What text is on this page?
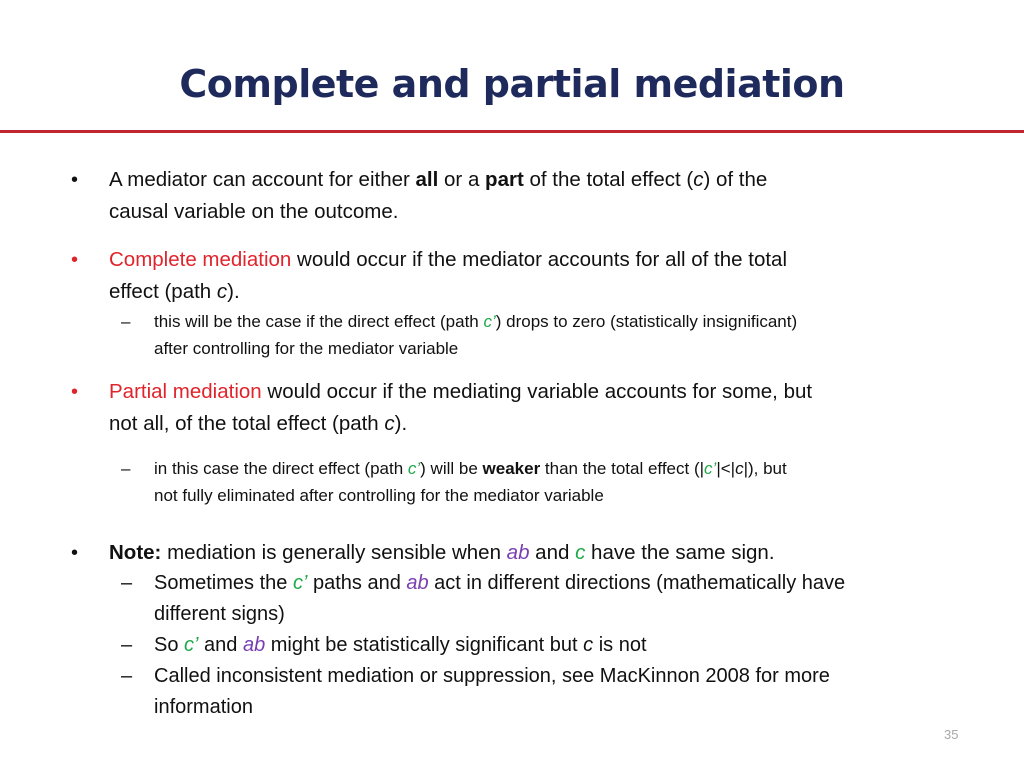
Complete and partial mediation
• A mediator can account for either all or a part of the total effect (c) of the
causal variable on the outcome.
• Complete mediation would occur if the mediator accounts for all of the total
effect (path c).
– this will be the case if the direct effect (path c’) drops to zero (statistically insignificant)
after controlling for the mediator variable
• Partial mediation would occur if the mediating variable accounts for some, but
not all, of the total effect (path c).
– in this case the direct effect (path c’) will be weaker than the total effect (|c’|<|c|), but
not fully eliminated after controlling for the mediator variable
• Note: mediation is generally sensible when ab and c have the same sign.
– Sometimes the c’ paths and ab act in different directions (mathematically have
different signs)
– So c’ and ab might be statistically significant but c is not
– Called inconsistent mediation or suppression, see MacKinnon 2008 for more
information
35
